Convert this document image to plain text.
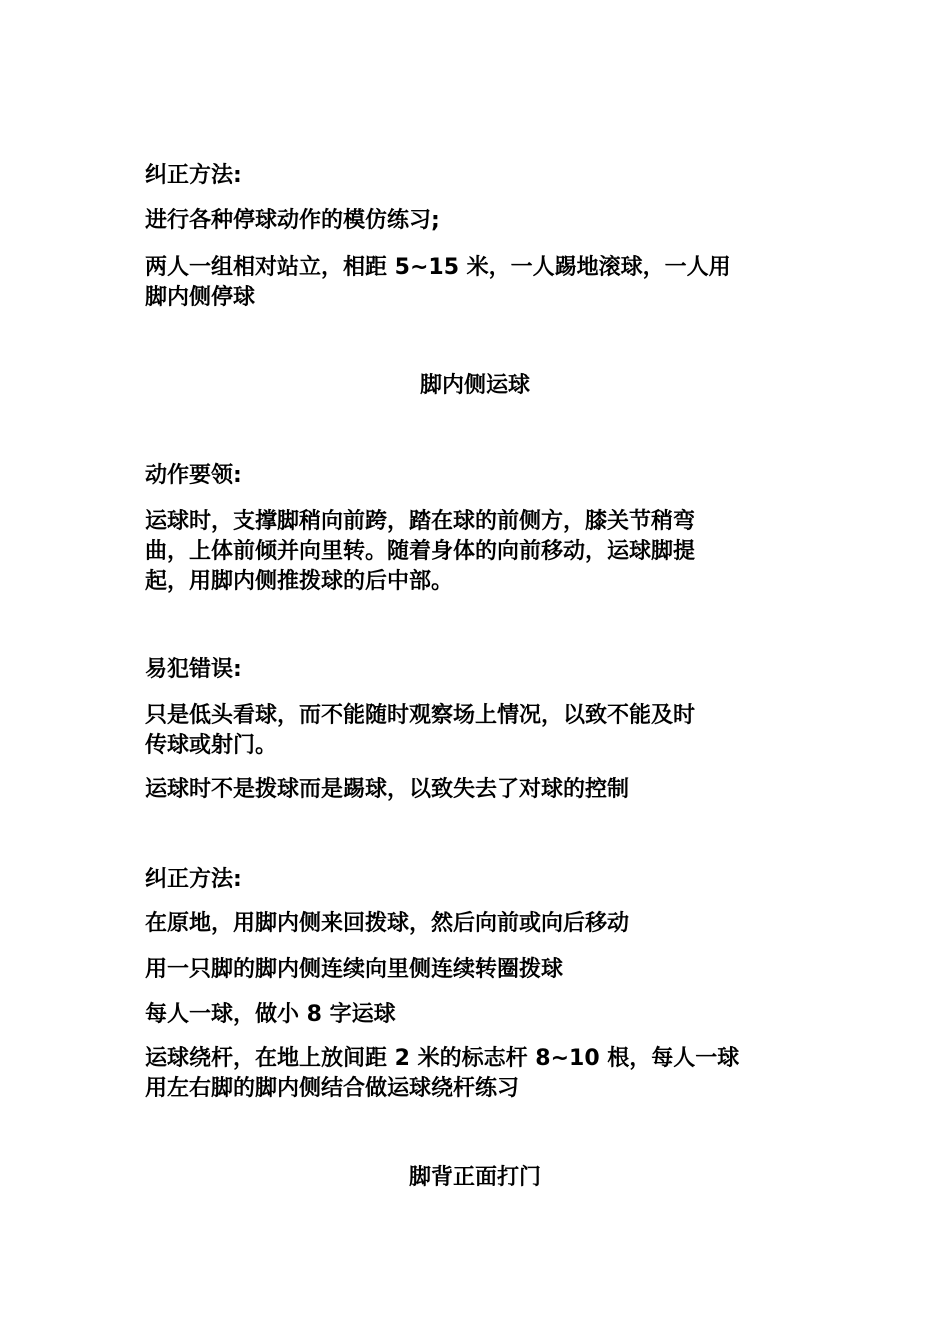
纠正方法:
进行各种停球动作的模仿练习;
两人一组相对站立，相距 5~15 米，一人踢地滚球，一人用
脚内侧停球
脚内侧运球
动作要领:
运球时，支撑脚稍向前跨，踏在球的前侧方，膝关节稍弯
曲，上体前倾并向里转。随着身体的向前移动，运球脚提
起，用脚内侧推拨球的后中部。
易犯错误:
只是低头看球，而不能随时观察场上情况，以致不能及时
传球或射门。
运球时不是拨球而是踢球，以致失去了对球的控制
纠正方法:
在原地，用脚内侧来回拨球，然后向前或向后移动
用一只脚的脚内侧连续向里侧连续转圈拨球
每人一球，做小 8 字运球
运球绕杆，在地上放间距 2 米的标志杆 8~10 根，每人一球
用左右脚的脚内侧结合做运球绕杆练习
脚背正面打门
